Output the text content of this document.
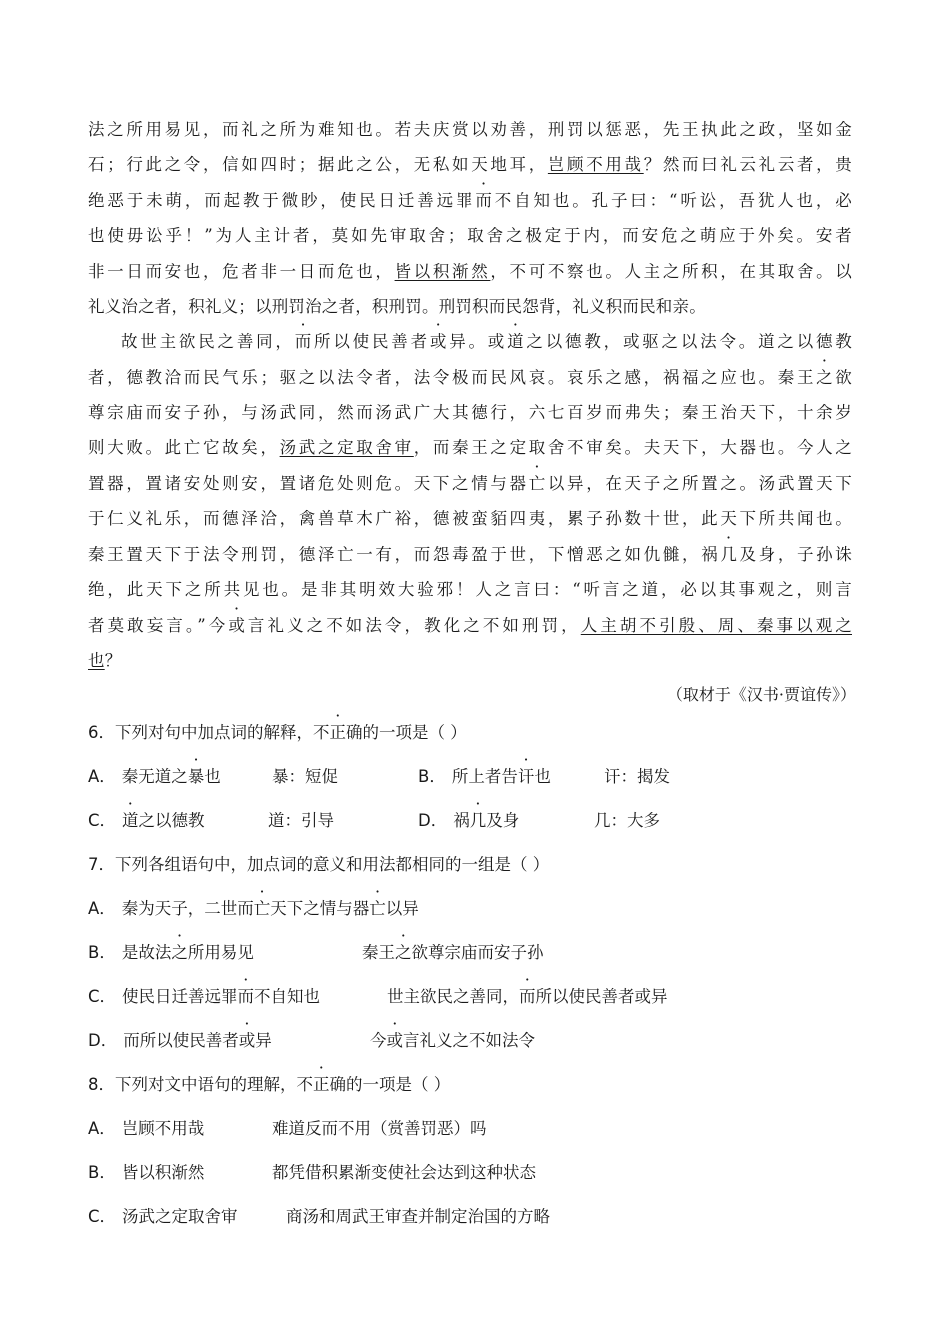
法之所用易见，而礼之所为难知也。若夫庆赏以劝善，刑罚以惩恶，先王执此之政，坚如金
石；行此之令，信如四时；据此之公，无私如天地耳，岂顾不用哉？然而曰礼云礼云者，贵
绝恶于未萌，而起教于微眇，使民日迁善远罪而不自知也。孔子曰：“听讼，吾犹人也，必
也使毋讼乎！”为人主计者，莫如先审取舍；取舍之极定于内，而安危之萌应于外矣。安者
非一日而安也，危者非一日而危也，皆以积渐然，不可不察也。人主之所积，在其取舍。以
礼义治之者，积礼义；以刑罚治之者，积刑罚。刑罚积而民怨背，礼义积而民和亲。
故世主欲民之善同，而所以使民善者或异。或道之以德教，或驱之以法令。道之以德教
者，德教洽而民气乐；驱之以法令者，法令极而民风哀。哀乐之感，祸福之应也。秦王之欲
尊宗庙而安子孙，与汤武同，然而汤武广大其德行，六七百岁而弗失；秦王治天下，十余岁
则大败。此亡它故矣，汤武之定取舍审，而秦王之定取舍不审矣。夫天下，大器也。今人之
置器，置诸安处则安，置诸危处则危。天下之情与器亡以异，在天子之所置之。汤武置天下
于仁义礼乐，而德泽洽，禽兽草木广裕，德被蛮貊四夷，累子孙数十世，此天下所共闻也。
秦王置天下于法令刑罚，德泽亡一有，而怨毒盈于世，下憎恶之如仇雠，祸几及身，子孙诛
绝，此天下之所共见也。是非其明效大验邪！人之言曰：“听言之道，必以其事观之，则言
者莫敢妄言。”今或言礼义之不如法令，教化之不如刑罚，人主胡不引殷、周、秦事以观之
也？
（取材于《汉书·贾谊传》）
6．下列对句中加点词的解释，不正确的一项是（ ）
A． 秦无道之暴也	暴：短促	B． 所上者告讦也	讦：揭发
C． 道之以德教	道：引导	D． 祸几及身	几：大多
7．下列各组语句中，加点词的意义和用法都相同的一组是（ ）
A． 秦为天子，二世而亡天下之情与器亡以异
B． 是故法之所用易见	秦王之欲尊宗庙而安子孙
C． 使民日迁善远罪而不自知也	世主欲民之善同，而所以使民善者或异
D． 而所以使民善者或异	今或言礼义之不如法令
8．下列对文中语句的理解，不正确的一项是（ ）
A． 岂顾不用哉	难道反而不用（赏善罚恶）吗
B． 皆以积渐然	都凭借积累渐变使社会达到这种状态
C． 汤武之定取舍审	商汤和周武王审查并制定治国的方略
